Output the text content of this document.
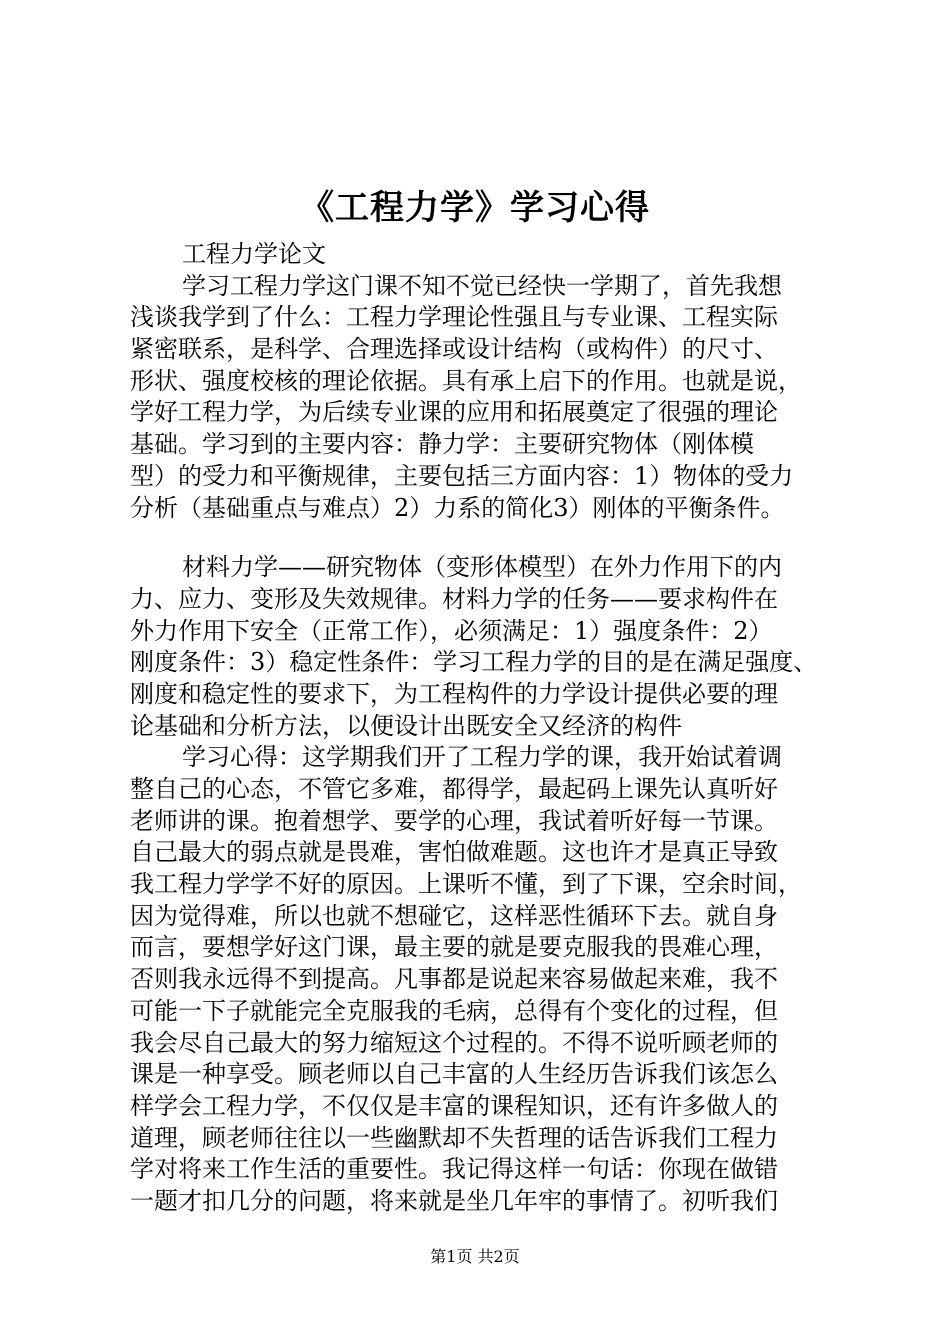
《工程力学》学习心得
工程力学论文
学习工程力学这门课不知不觉已经快一学期了，首先我想
浅谈我学到了什么：工程力学理论性强且与专业课、工程实际
紧密联系，是科学、合理选择或设计结构（或构件）的尺寸、
形状、强度校核的理论依据。具有承上启下的作用。也就是说，
学好工程力学，为后续专业课的应用和拓展奠定了很强的理论
基础。学习到的主要内容：静力学：主要研究物体（刚体模
型）的受力和平衡规律，主要包括三方面内容：1）物体的受力
分析（基础重点与难点）2）力系的简化3）刚体的平衡条件。
材料力学——研究物体（变形体模型）在外力作用下的内
力、应力、变形及失效规律。材料力学的任务——要求构件在
外力作用下安全（正常工作），必须满足：1）强度条件：2）
刚度条件：3）稳定性条件：学习工程力学的目的是在满足强度、
刚度和稳定性的要求下，为工程构件的力学设计提供必要的理
论基础和分析方法，以便设计出既安全又经济的构件
学习心得：这学期我们开了工程力学的课，我开始试着调
整自己的心态，不管它多难，都得学，最起码上课先认真听好
老师讲的课。抱着想学、要学的心理，我试着听好每一节课。
自己最大的弱点就是畏难，害怕做难题。这也许才是真正导致
我工程力学学不好的原因。上课听不懂，到了下课，空余时间，
因为觉得难，所以也就不想碰它，这样恶性循环下去。就自身
而言，要想学好这门课，最主要的就是要克服我的畏难心理，
否则我永远得不到提高。凡事都是说起来容易做起来难，我不
可能一下子就能完全克服我的毛病，总得有个变化的过程，但
我会尽自己最大的努力缩短这个过程的。不得不说听顾老师的
课是一种享受。顾老师以自己丰富的人生经历告诉我们该怎么
样学会工程力学，不仅仅是丰富的课程知识，还有许多做人的
道理，顾老师往往以一些幽默却不失哲理的话告诉我们工程力
学对将来工作生活的重要性。我记得这样一句话：你现在做错
一题才扣几分的问题，将来就是坐几年牢的事情了。初听我们
第1页 共2页
